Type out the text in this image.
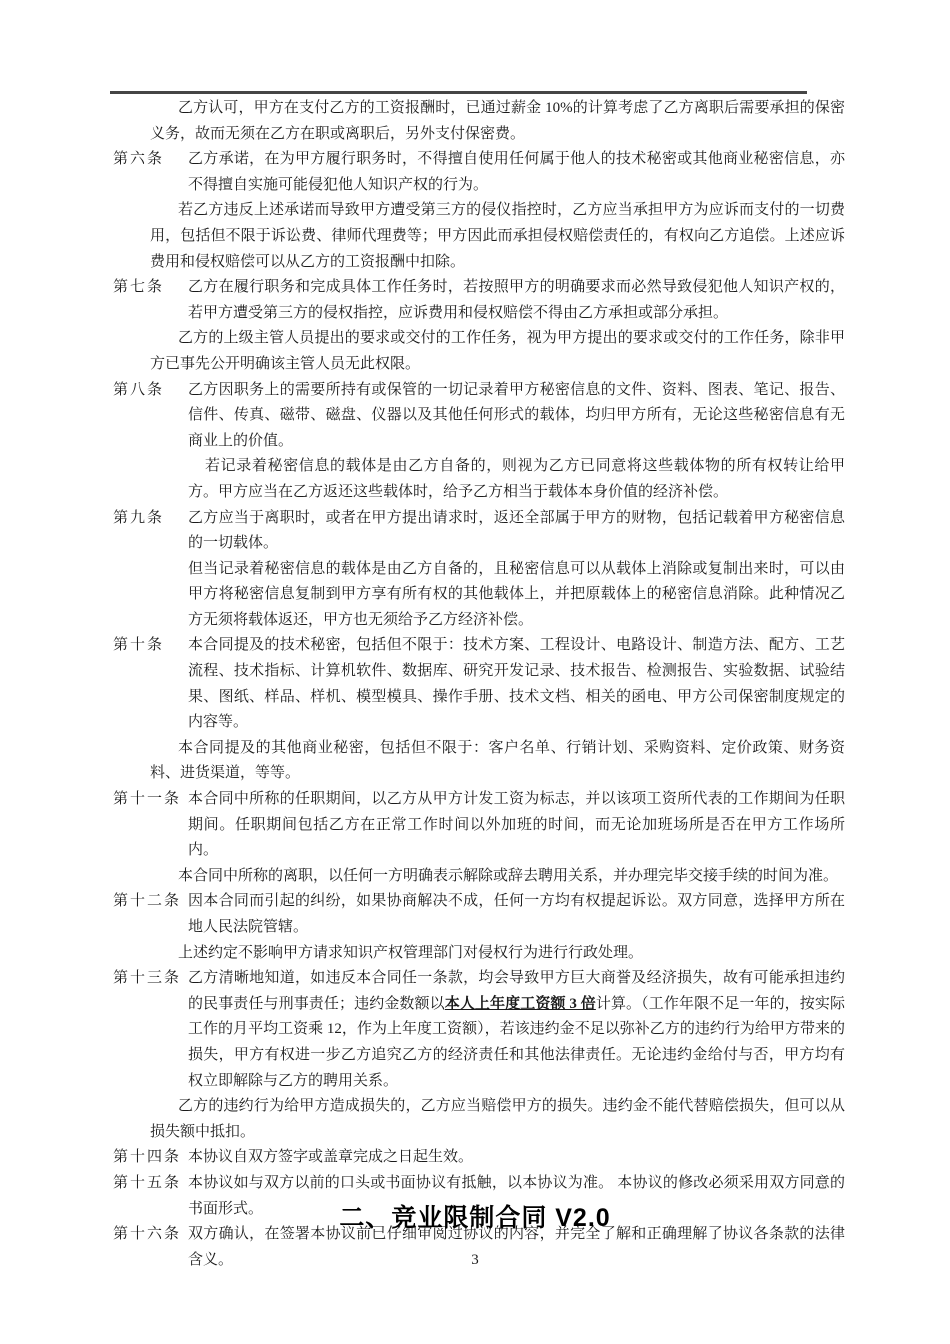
乙方认可，甲方在支付乙方的工资报酬时，已通过薪金 10%的计算考虑了乙方离职后需要承担的保密义务，故而无须在乙方在职或离职后，另外支付保密费。

第六条 乙方承诺，在为甲方履行职务时，不得擅自使用任何属于他人的技术秘密或其他商业秘密信息，亦不得擅自实施可能侵犯他人知识产权的行为。

若乙方违反上述承诺而导致甲方遭受第三方的侵仪指控时，乙方应当承担甲方为应诉而支付的一切费用，包括但不限于诉讼费、律师代理费等；甲方因此而承担侵权赔偿责任的，有权向乙方追偿。上述应诉费用和侵权赔偿可以从乙方的工资报酬中扣除。

第七条 乙方在履行职务和完成具体工作任务时，若按照甲方的明确要求而必然导致侵犯他人知识产权的，若甲方遭受第三方的侵权指控，应诉费用和侵权赔偿不得由乙方承担或部分承担。

乙方的上级主管人员提出的要求或交付的工作任务，视为甲方提出的要求或交付的工作任务，除非甲方已事先公开明确该主管人员无此权限。

第八条 乙方因职务上的需要所持有或保管的一切记录着甲方秘密信息的文件、资料、图表、笔记、报告、信件、传真、磁带、磁盘、仪器以及其他任何形式的载体，均归甲方所有，无论这些秘密信息有无商业上的价值。

若记录着秘密信息的载体是由乙方自备的，则视为乙方已同意将这些载体物的所有权转让给甲方。甲方应当在乙方返还这些载体时，给予乙方相当于载体本身价值的经济补偿。

第九条 乙方应当于离职时，或者在甲方提出请求时，返还全部属于甲方的财物，包括记载着甲方秘密信息的一切载体。

但当记录着秘密信息的载体是由乙方自备的，且秘密信息可以从载体上消除或复制出来时，可以由甲方将秘密信息复制到甲方享有所有权的其他载体上，并把原载体上的秘密信息消除。此种情况乙方无须将载体返还，甲方也无须给予乙方经济补偿。

第十条 本合同提及的技术秘密，包括但不限于：技术方案、工程设计、电路设计、制造方法、配方、工艺流程、技术指标、计算机软件、数据库、研究开发记录、技术报告、检测报告、实验数据、试验结果、图纸、样品、样机、模型模具、操作手册、技术文档、相关的函电、甲方公司保密制度规定的内容等。

本合同提及的其他商业秘密，包括但不限于：客户名单、行销计划、采购资料、定价政策、财务资料、进货渠道，等等。

第十一条 本合同中所称的任职期间，以乙方从甲方计发工资为标志，并以该项工资所代表的工作期间为任职期间。任职期间包括乙方在正常工作时间以外加班的时间，而无论加班场所是否在甲方工作场所内。

本合同中所称的离职，以任何一方明确表示解除或辞去聘用关系，并办理完毕交接手续的时间为准。

第十二条 因本合同而引起的纠纷，如果协商解决不成，任何一方均有权提起诉讼。双方同意，选择甲方所在地人民法院管辖。

上述约定不影响甲方请求知识产权管理部门对侵权行为进行行政处理。

第十三条 乙方清晰地知道，如违反本合同任一条款，均会导致甲方巨大商誉及经济损失，故有可能承担违约的民事责任与刑事责任；违约金数额以本人上年度工资额 3 倍计算。（工作年限不足一年的，按实际工作的月平均工资乘 12，作为上年度工资额），若该违约金不足以弥补乙方的违约行为给甲方带来的损失，甲方有权进一步乙方追究乙方的经济责任和其他法律责任。无论违约金给付与否，甲方均有权立即解除与乙方的聘用关系。

乙方的违约行为给甲方造成损失的，乙方应当赔偿甲方的损失。违约金不能代替赔偿损失，但可以从损失额中抵扣。

第十四条 本协议自双方签字或盖章完成之日起生效。

第十五条 本协议如与双方以前的口头或书面协议有抵触，以本协议为准。 本协议的修改必须采用双方同意的书面形式。

第十六条 双方确认，在签署本协议前已仔细审阅过协议的内容，并完全了解和正确理解了协议各条款的法律含义。

二、竞业限制合同 V2.0
3
